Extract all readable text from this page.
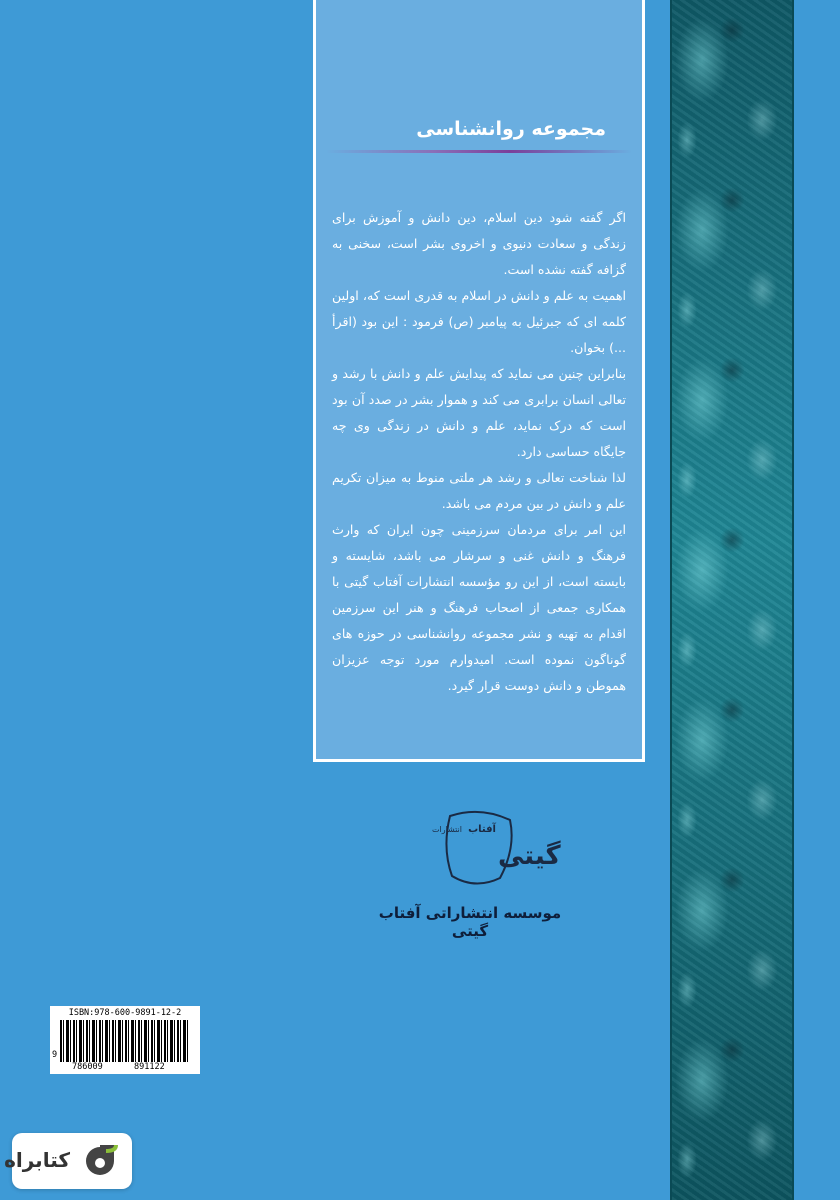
مجموعه روانشناسی

اگر گفته شود دین اسلام، دین دانش و آموزش برای زندگی و سعادت دنیوی و اخروی بشر است، سخنی به گزافه گفته نشده است.

اهمیت به علم و دانش در اسلام به قدری است که، اولین کلمه ای که جبرئیل به پیامبر (ص) فرمود : این بود (اقرأ ...) بخوان.

بنابراین چنین می نماید که پیدایش علم و دانش با رشد و تعالی انسان برابری می کند و هموار بشر در صدد آن بود است که درک نماید، علم و دانش در زندگی وی چه جایگاه حساسی دارد.

لذا شناخت تعالی و رشد هر ملتی منوط به میزان تکریم علم و دانش در بین مردم می باشد.

این امر برای مردمان سرزمینی چون ایران که وارث فرهنگ و دانش غنی و سرشار می باشد، شایسته و بایسته است، از این رو مؤسسه انتشارات آفتاب گیتی با همکاری جمعی از اصحاب فرهنگ و هنر این سرزمین اقدام به تهیه و نشر مجموعه روانشناسی در حوزه های گوناگون نموده است. امیدوارم مورد توجه عزیزان هموطن و دانش دوست قرار گیرد.

انتشارات آفتاب
گیتی
موسسه انتشاراتی آفتاب گیتی
ISBN:978-600-9891-12-2
9
786009	891122
کتابراه
